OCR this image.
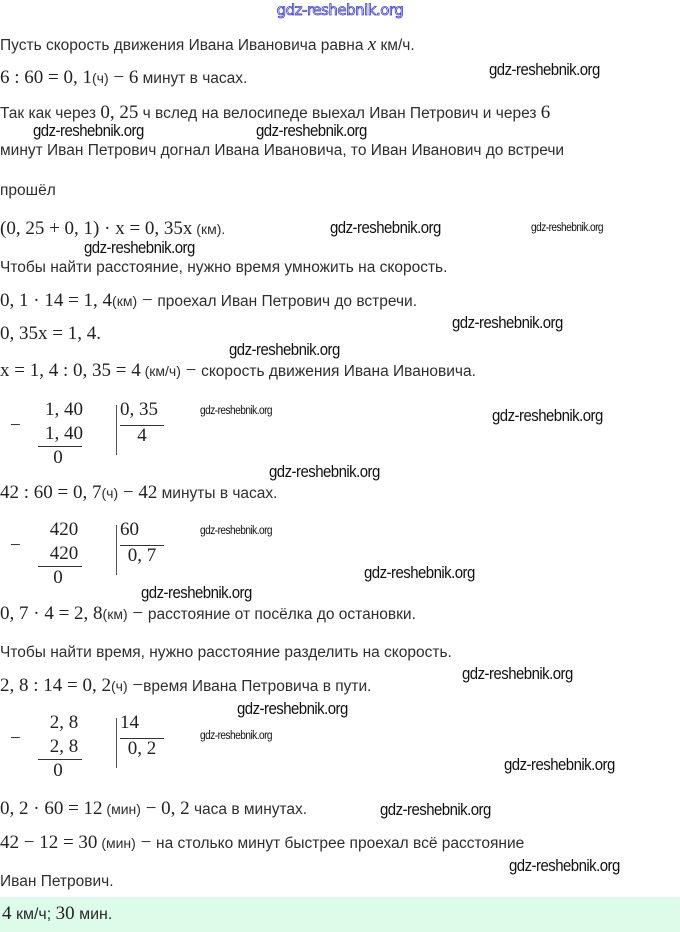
gdz-reshebnik.org
Пусть скорость движения Ивана Ивановича равна x км/ч.
6 : 60 = 0, 1(ч) − 6 минут в часах.
Так как через 0, 25 ч вслед на велосипеде выехал Иван Петрович и через 6
минут Иван Петрович догнал Ивана Ивановича, то Иван Иванович до встречи
прошёл
(0, 25 + 0, 1) · x = 0, 35x (км).
Чтобы найти расстояние, нужно время умножить на скорость.
0, 1 · 14 = 1, 4(км) − проехал Иван Петрович до встречи.
0, 35x = 1, 4.
x = 1, 4 : 0, 35 = 4 (км/ч) − скорость движения Ивана Ивановича.
−
1, 40
1, 40
0
0, 35
4
42 : 60 = 0, 7(ч) − 42 минуты в часах.
−
420
420
0
60
0, 7
0, 7 · 4 = 2, 8(км) − расстояние от посёлка до остановки.
Чтобы найти время, нужно расстояние разделить на скорость.
2, 8 : 14 = 0, 2(ч) −время Ивана Петровича в пути.
−
2, 8
2, 8
0
14
0, 2
0, 2 · 60 = 12 (мин) − 0, 2 часа в минутах.
42 − 12 = 30 (мин) − на столько минут быстрее проехал всё расстояние
Иван Петрович.
4 км/ч; 30 мин.
gdz-reshebnik.org
gdz-reshebnik.org	gdz-reshebnik.org
gdz-reshebnik.org	gdz-reshebnik.org
gdz-reshebnik.org
gdz-reshebnik.org
gdz-reshebnik.org
gdz-reshebnik.org	gdz-reshebnik.org
gdz-reshebnik.org
gdz-reshebnik.org
gdz-reshebnik.org
gdz-reshebnik.org
gdz-reshebnik.org
gdz-reshebnik.org
gdz-reshebnik.org
gdz-reshebnik.org
gdz-reshebnik.org
gdz-reshebnik.org
